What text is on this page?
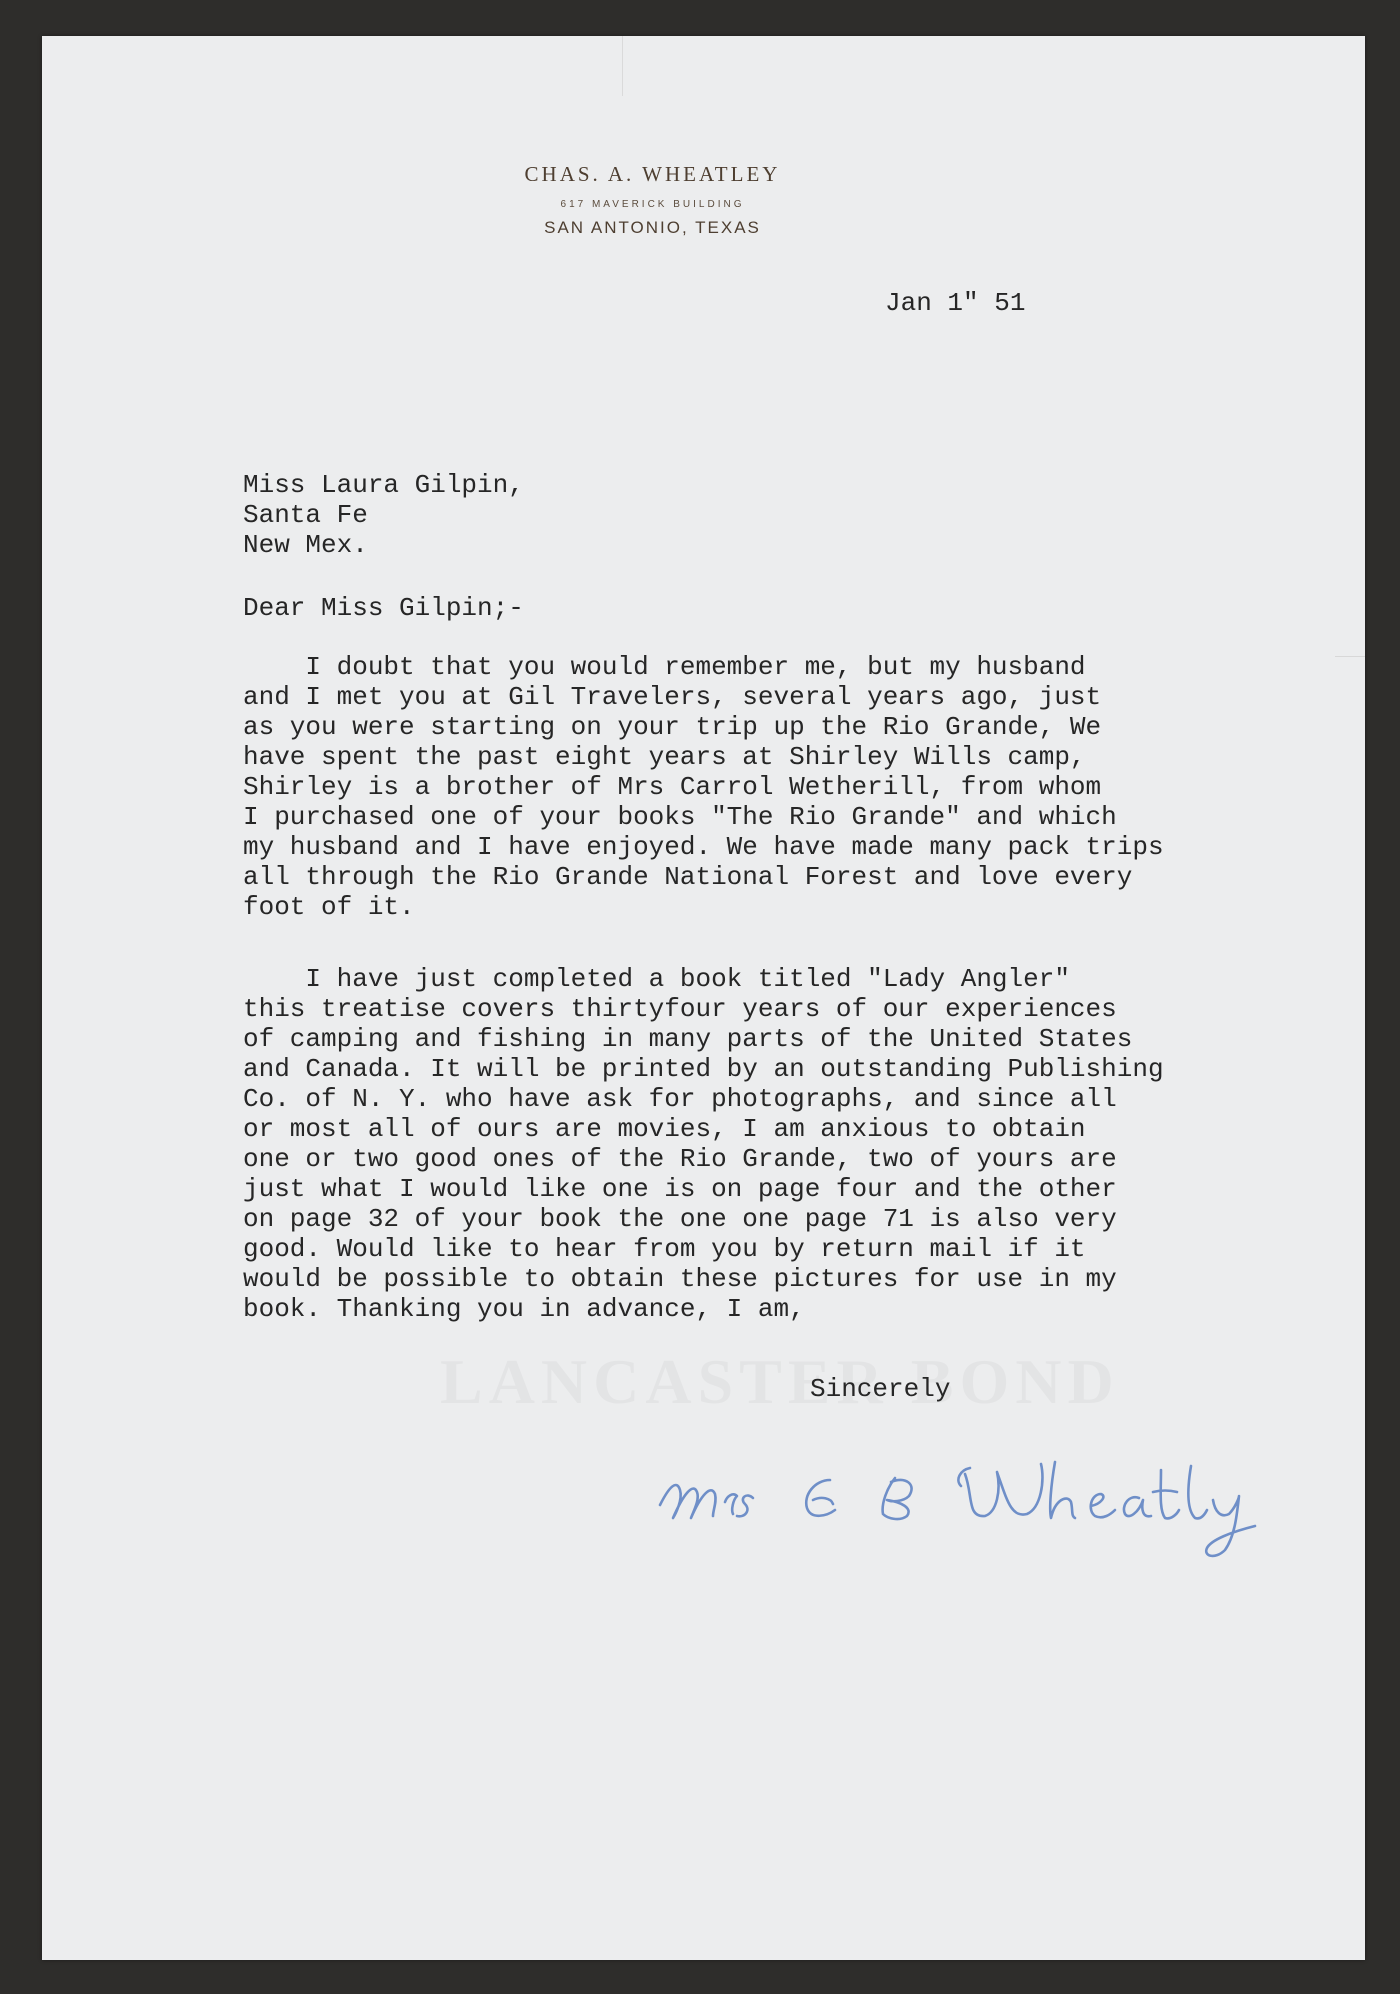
CHAS. A. WHEATLEY

617 MAVERICK BUILDING

SAN ANTONIO, TEXAS

Jan 1" 51

Miss Laura Gilpin,
Santa Fe
New Mex.

Dear Miss Gilpin;-

I doubt that you would remember me, but my husband
and I met you at Gil Travelers, several years ago, just
as you were starting on your trip up the Rio Grande, We
have spent the past eight years at Shirley Wills camp,
Shirley is a brother of Mrs Carrol Wetherill, from whom
I purchased one of your books "The Rio Grande" and which
my husband and I have enjoyed. We have made many pack trips
all through the Rio Grande National Forest and love every
foot of it.

I have just completed a book titled "Lady Angler"
this treatise covers thirtyfour years of our experiences
of camping and fishing in many parts of the United States
and Canada. It will be printed by an outstanding Publishing
Co. of N. Y. who have ask for photographs, and since all
or most all of ours are movies, I am anxious to obtain
one or two good ones of the Rio Grande, two of yours are
just what I would like one is on page four and the other
on page 32 of your book the one one page 71 is also very
good. Would like to hear from you by return mail if it
would be possible to obtain these pictures for use in my
book. Thanking you in advance, I am,

Sincerely
